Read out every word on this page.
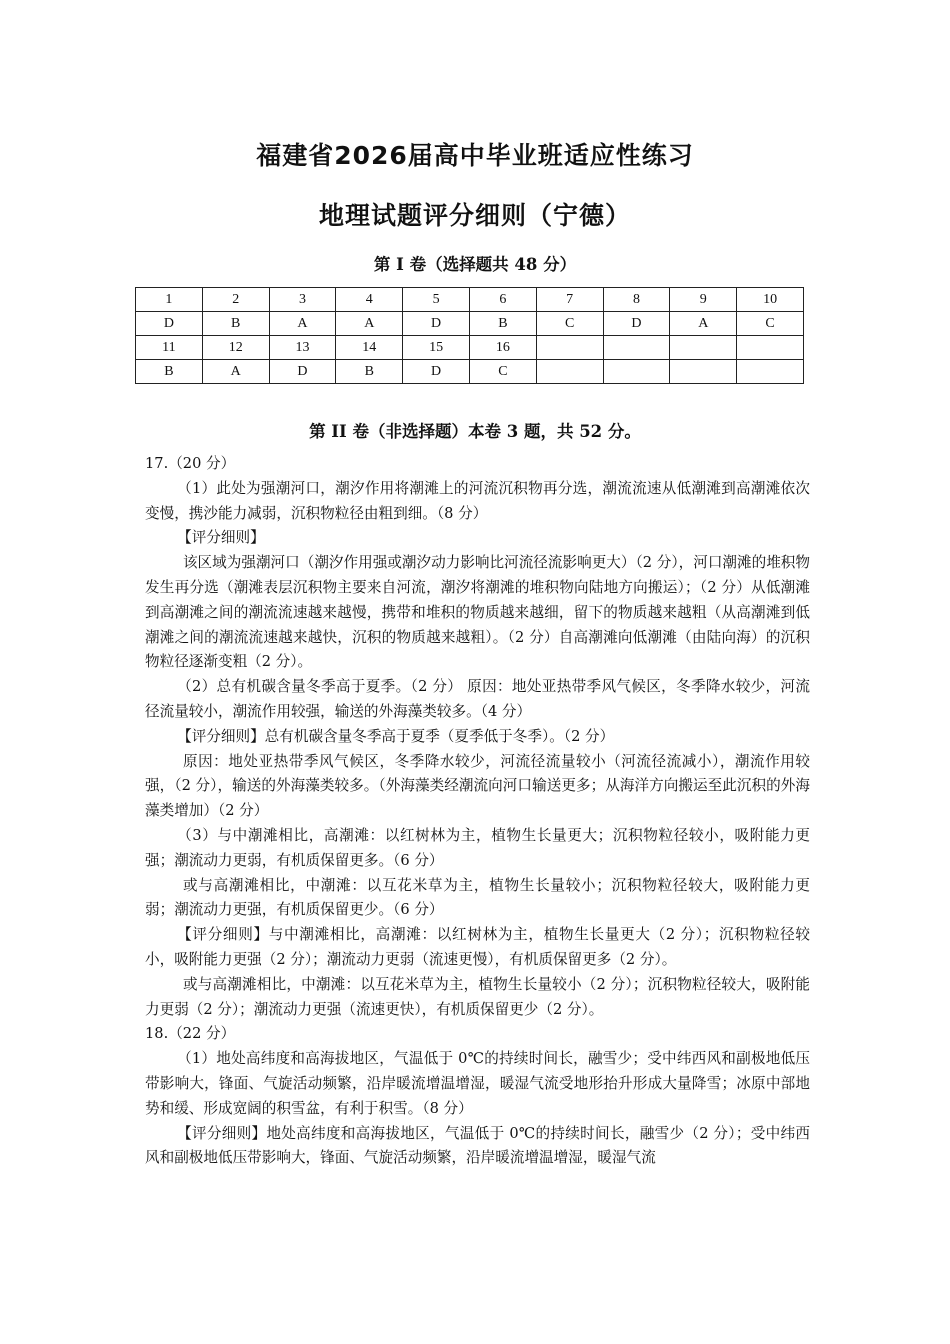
福建省2026届高中毕业班适应性练习
地理试题评分细则（宁德）
第 I 卷（选择题共 48 分）
1	2	3	4	5	6	7	8	9	10
D	B	A	A	D	B	C	D	A	C
11	12	13	14	15	16				
B	A	D	B	D	C				
第 II 卷（非选择题）本卷 3 题，共 52 分。

17.（20 分）

（1）此处为强潮河口，潮汐作用将潮滩上的河流沉积物再分选，潮流流速从低潮滩到高潮滩依次变慢，携沙能力减弱，沉积物粒径由粗到细。（8 分）

【评分细则】

该区域为强潮河口（潮汐作用强或潮汐动力影响比河流径流影响更大）（2 分），河口潮滩的堆积物发生再分选（潮滩表层沉积物主要来自河流，潮汐将潮滩的堆积物向陆地方向搬运）；（2 分）从低潮滩到高潮滩之间的潮流流速越来越慢，携带和堆积的物质越来越细，留下的物质越来越粗（从高潮滩到低潮滩之间的潮流流速越来越快，沉积的物质越来越粗）。（2 分）自高潮滩向低潮滩（由陆向海）的沉积物粒径逐渐变粗（2 分）。

（2）总有机碳含量冬季高于夏季。（2 分） 原因：地处亚热带季风气候区，冬季降水较少，河流径流量较小，潮流作用较强，输送的外海藻类较多。（4 分）

【评分细则】总有机碳含量冬季高于夏季（夏季低于冬季）。（2 分）

原因：地处亚热带季风气候区，冬季降水较少，河流径流量较小（河流径流减小），潮流作用较强，（2 分），输送的外海藻类较多。（外海藻类经潮流向河口输送更多；从海洋方向搬运至此沉积的外海藻类增加）（2 分）

（3）与中潮滩相比，高潮滩：以红树林为主，植物生长量更大；沉积物粒径较小，吸附能力更强；潮流动力更弱，有机质保留更多。（6 分）

或与高潮滩相比，中潮滩：以互花米草为主，植物生长量较小；沉积物粒径较大，吸附能力更弱；潮流动力更强，有机质保留更少。（6 分）

【评分细则】与中潮滩相比，高潮滩：以红树林为主，植物生长量更大（2 分）；沉积物粒径较小，吸附能力更强（2 分）；潮流动力更弱（流速更慢），有机质保留更多（2 分）。

或与高潮滩相比，中潮滩：以互花米草为主，植物生长量较小（2 分）；沉积物粒径较大，吸附能力更弱（2 分）；潮流动力更强（流速更快），有机质保留更少（2 分）。

18.（22 分）

（1）地处高纬度和高海拔地区，气温低于 0℃的持续时间长，融雪少；受中纬西风和副极地低压带影响大，锋面、气旋活动频繁，沿岸暖流增温增湿，暖湿气流受地形抬升形成大量降雪；冰原中部地势和缓、形成宽阔的积雪盆，有利于积雪。（8 分）

【评分细则】地处高纬度和高海拔地区，气温低于 0℃的持续时间长，融雪少（2 分）；受中纬西风和副极地低压带影响大，锋面、气旋活动频繁，沿岸暖流增温增湿，暖湿气流
